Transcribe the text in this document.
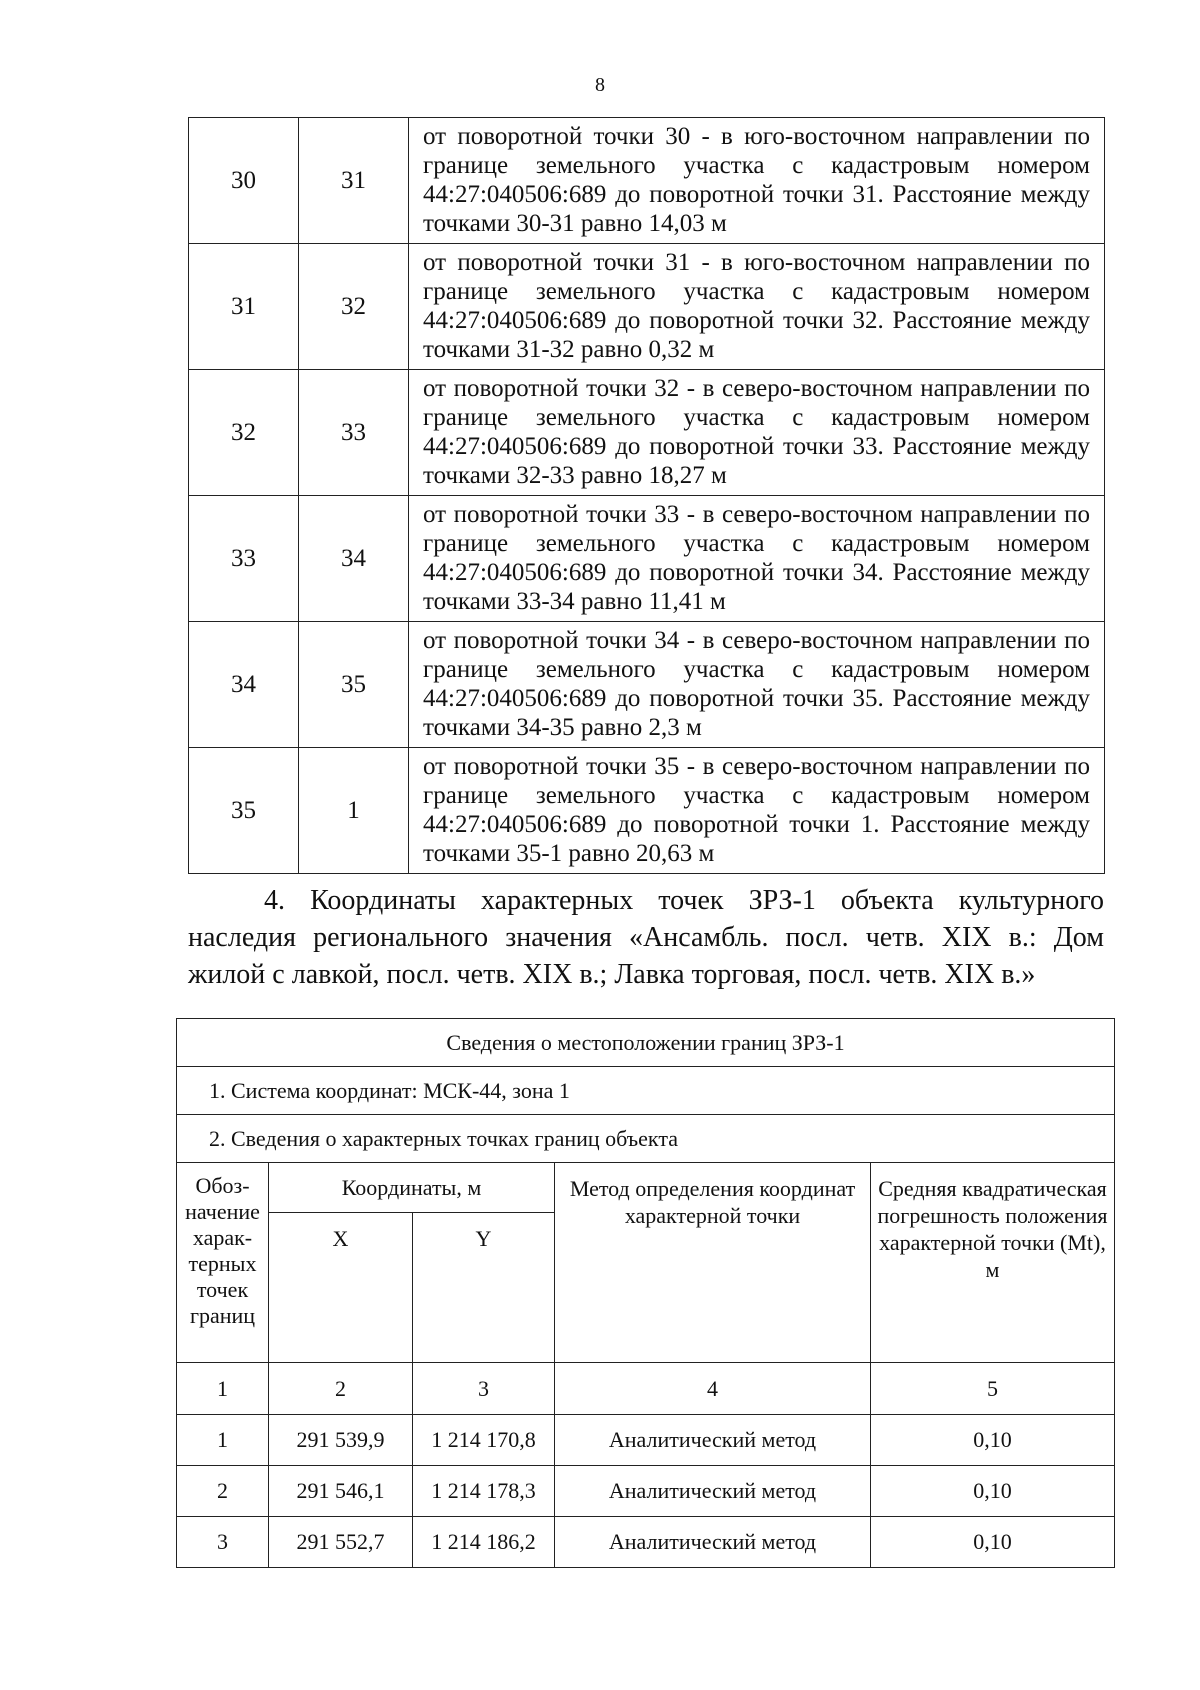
8
30	31	от поворотной точки 30 - в юго-восточном направлении по границе земельного участка с кадастровым номером 44:27:040506:689 до поворотной точки 31. Расстояние между точками 30-31 равно 14,03 м
31	32	от поворотной точки 31 - в юго-восточном направлении по границе земельного участка с кадастровым номером 44:27:040506:689 до поворотной точки 32. Расстояние между точками 31-32 равно 0,32 м
32	33	от поворотной точки 32 - в северо-восточном направлении по границе земельного участка с кадастровым номером 44:27:040506:689 до поворотной точки 33. Расстояние между точками 32-33 равно 18,27 м
33	34	от поворотной точки 33 - в северо-восточном направлении по границе земельного участка с кадастровым номером 44:27:040506:689 до поворотной точки 34. Расстояние между точками 33-34 равно 11,41 м
34	35	от поворотной точки 34 - в северо-восточном направлении по границе земельного участка с кадастровым номером 44:27:040506:689 до поворотной точки 35. Расстояние между точками 34-35 равно 2,3 м
35	1	от поворотной точки 35 - в северо-восточном направлении по границе земельного участка с кадастровым номером 44:27:040506:689 до поворотной точки 1. Расстояние между точками 35-1 равно 20,63 м
4. Координаты характерных точек ЗРЗ-1 объекта культурного наследия регионального значения «Ансамбль. посл. четв. XIX в.: Дом жилой с лавкой, посл. четв. XIX в.; Лавка торговая, посл. четв. XIX в.»
Сведения о местоположении границ ЗРЗ-1				
1. Система координат: МСК-44, зона 1				
2. Сведения о характерных точках границ объекта				
Обоз-начение харак-терных точек границ	Координаты, м		Метод определения координат характерной точки	Средняя квадратическая погрешность положения характерной точки (Mt), м
	X	Y		
1	2	3	4	5
1	291 539,9	1 214 170,8	Аналитический метод	0,10
2	291 546,1	1 214 178,3	Аналитический метод	0,10
3	291 552,7	1 214 186,2	Аналитический метод	0,10
